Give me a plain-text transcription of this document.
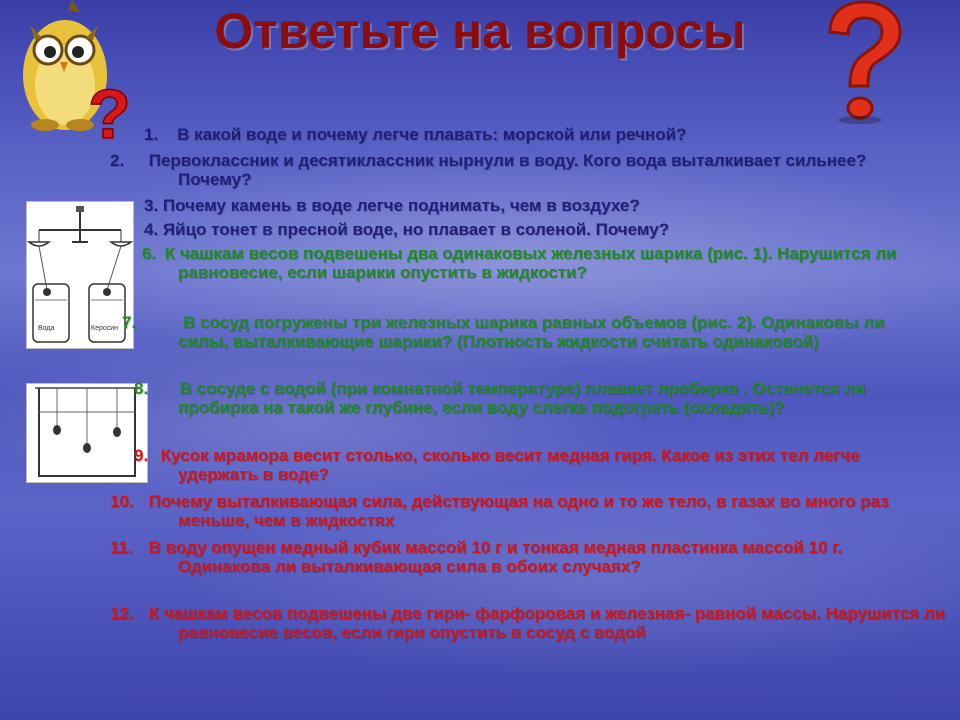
?
Ответьте на вопросы
Вода	Керосин

1. В какой воде и почему легче плавать: морской или речной?

2. Первоклассник и десятиклассник нырнули в воду. Кого вода выталкивает сильнее? Почему?

3. Почему камень в воде легче поднимать, чем в воздухе?

4. Яйцо тонет в пресной воде, но плавает в соленой. Почему?

6. К чашкам весов подвешены два одинаковых железных шарика (рис. 1). Нарушится ли равновесие, если шарики опустить в жидкости?

7.	В сосуд погружены три железных шарика равных объемов (рис. 2). Одинаковы ли силы, выталкивающие шарики? (Плотность жидкости считать одинаковой)

8. В сосуде с водой (при комнатной температуре) плавает пробирка . Останется ли пробирка на такой же глубине, если воду слегка подогреть (охладить)?

9. Кусок мрамора весит столько, сколько весит медная гиря. Какое из этих тел легче удержать в воде?

10. Почему выталкивающая сила, действующая на одно и то же тело, в газах во много раз меньше, чем в жидкостях

11. В воду опущен медный кубик массой 10 г и тонкая медная пластинка массой 10 г. Одинакова ли выталкивающая сила в обоих случаях?

12. К чашкам весов подвешены две гири- фарфоровая и железная- равной массы. Нарушится ли равновесие весов, если гири опустить в сосуд с водой
